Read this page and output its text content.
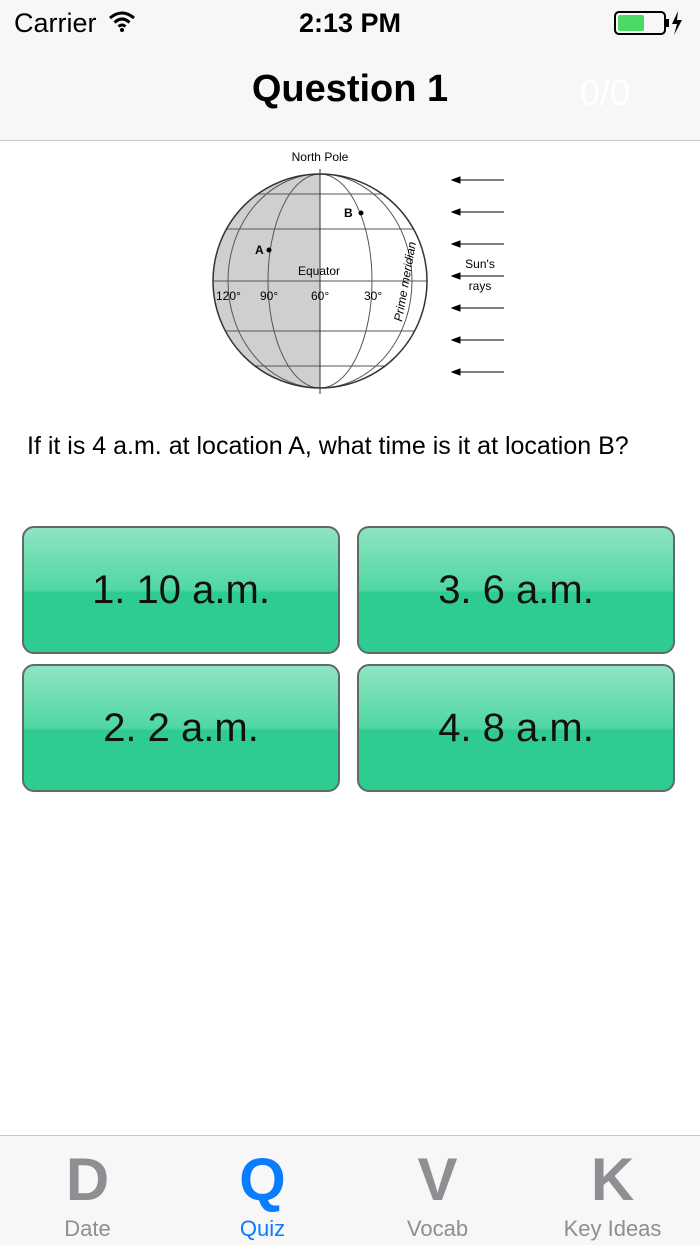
Carrier	2:13 PM
Question 1	0/0
North Pole
A
B
Equator
120° 90°	60°	30° Prime meridian	Sun's
rays
If it is 4 a.m. at location A, what time is it at location B?
1. 10 a.m.	3. 6 a.m.
2. 2 a.m.	4. 8 a.m.
D
Date
Q
Quiz
V
Vocab
K
Key Ideas
